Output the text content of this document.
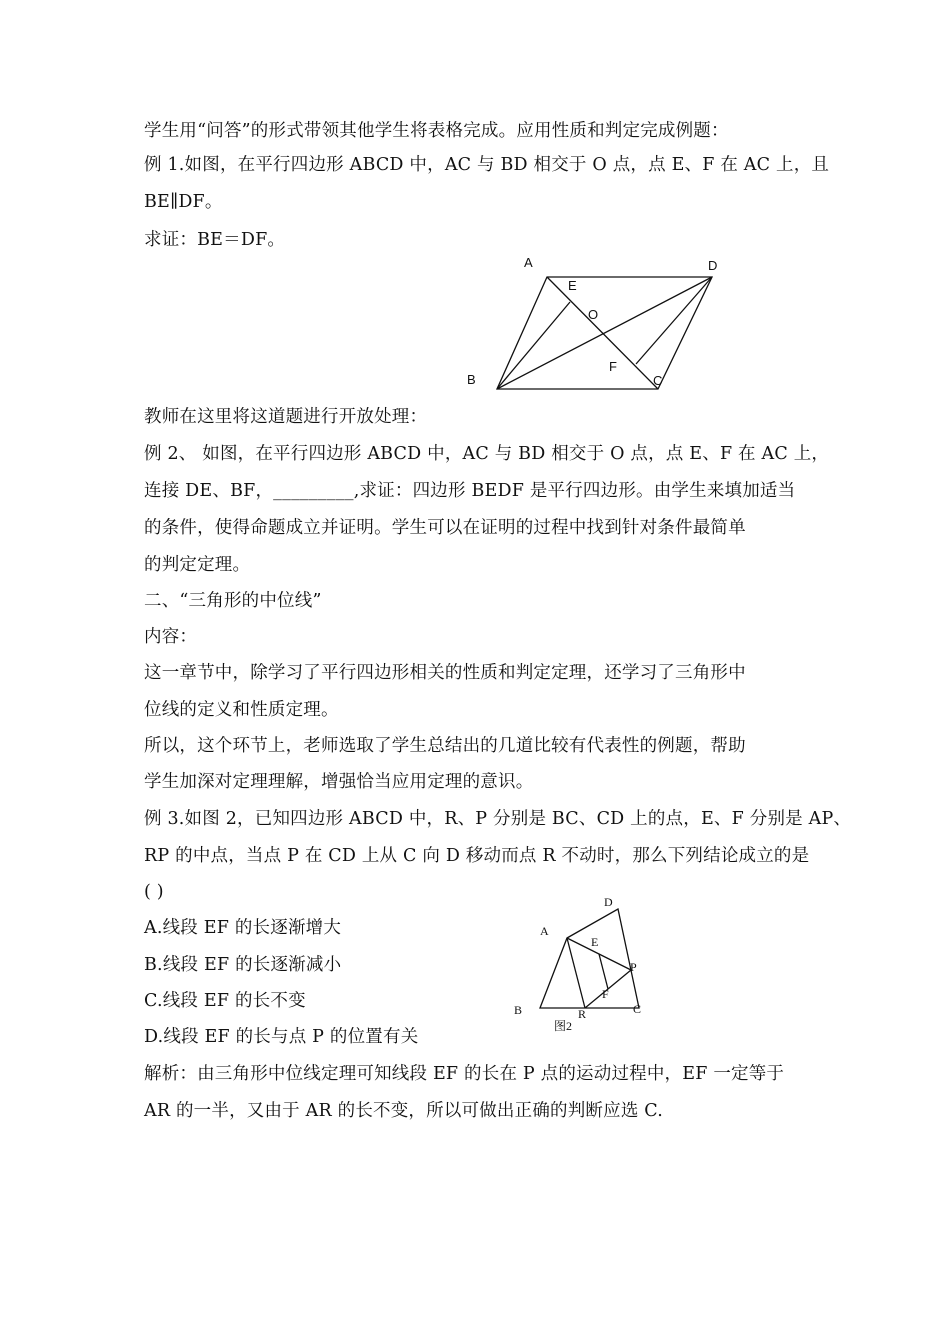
学生用“问答”的形式带领其他学生将表格完成。应用性质和判定完成例题：
例 1.如图，在平行四边形 ABCD 中，AC 与 BD 相交于 O 点，点 E、F 在 AC 上，且
BE∥DF。
求证：BE＝DF。
A	D
E
O
F
B	C
教师在这里将这道题进行开放处理：
例 2、 如图，在平行四边形 ABCD 中，AC 与 BD 相交于 O 点，点 E、F 在 AC 上，
连接 DE、BF，_________,求证：四边形 BEDF 是平行四边形。由学生来填加适当
的条件，使得命题成立并证明。学生可以在证明的过程中找到针对条件最简单
的判定定理。
二、“三角形的中位线”
内容：
这一章节中，除学习了平行四边形相关的性质和判定定理，还学习了三角形中
位线的定义和性质定理。
所以，这个环节上，老师选取了学生总结出的几道比较有代表性的例题，帮助
学生加深对定理理解，增强恰当应用定理的意识。
例 3.如图 2，已知四边形 ABCD 中，R、P 分别是 BC、CD 上的点，E、F 分别是 AP、
RP 的中点，当点 P 在 CD 上从 C 向 D 移动而点 R 不动时，那么下列结论成立的是
( )
A.线段 EF 的长逐渐增大
B.线段 EF 的长逐渐减小
C.线段 EF 的长不变
D.线段 EF 的长与点 P 的位置有关
D
A
E
P
F
B	R	C
图2
解析：由三角形中位线定理可知线段 EF 的长在 P 点的运动过程中，EF 一定等于
AR 的一半，又由于 AR 的长不变，所以可做出正确的判断应选 C.
